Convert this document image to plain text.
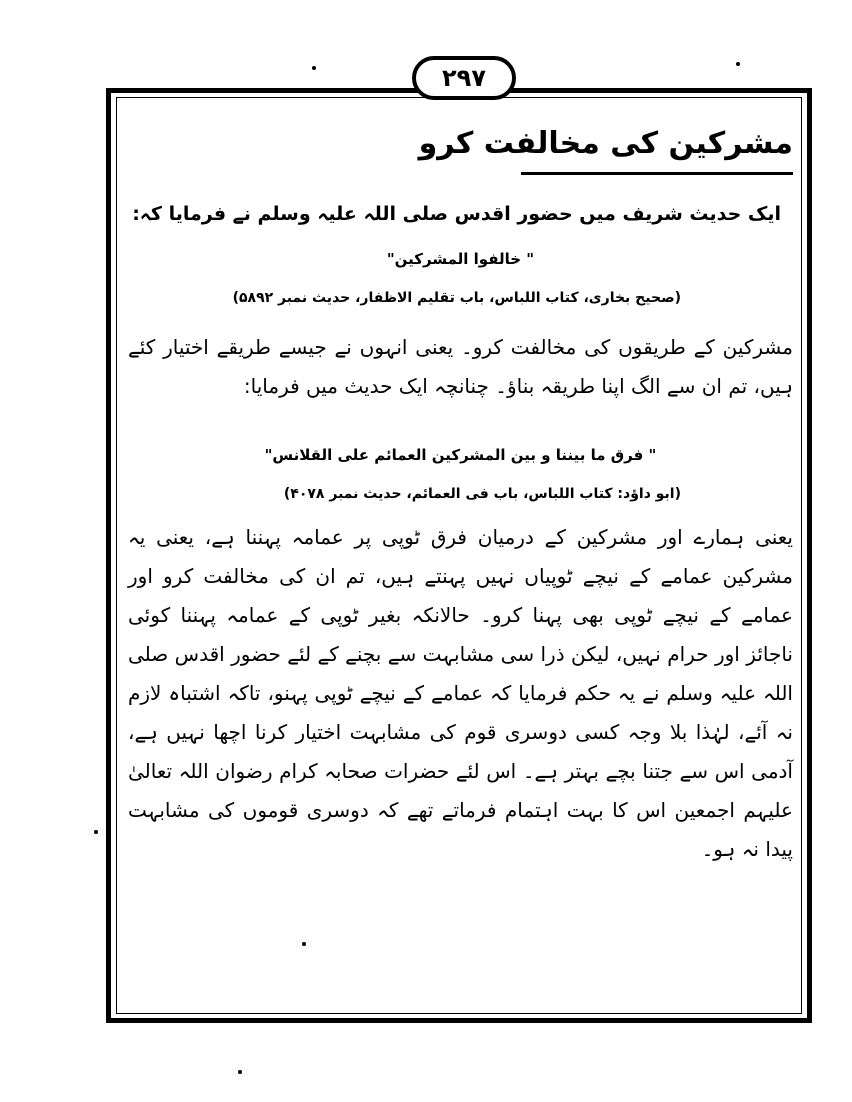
۲۹۷
مشرکین کی مخالفت کرو
ایک حدیث شریف میں حضور اقدس صلی اللہ علیہ وسلم نے فرمایا کہ:
" خالفوا المشرکین"
(صحیح بخاری، کتاب اللباس، باب تقلیم الاظفار، حدیث نمبر ۵۸۹۲)
مشرکین کے طریقوں کی مخالفت کرو۔ یعنی انہوں نے جیسے طریقے اختیار کئے ہیں، تم ان سے الگ اپنا طریقہ بناؤ۔ چنانچہ ایک حدیث میں فرمایا:
" فرق ما بیننا و بین المشرکین العمائم علی القلانس"
(ابو داؤد: کتاب اللباس، باب فی العمائم، حدیث نمبر ۴۰۷۸)
یعنی ہمارے اور مشرکین کے درمیان فرق ٹوپی پر عمامہ پہننا ہے، یعنی یہ مشرکین عمامے کے نیچے ٹوپیاں نہیں پہنتے ہیں، تم ان کی مخالفت کرو اور عمامے کے نیچے ٹوپی بھی پہنا کرو۔ حالانکہ بغیر ٹوپی کے عمامہ پہننا کوئی ناجائز اور حرام نہیں، لیکن ذرا سی مشابہت سے بچنے کے لئے حضور اقدس صلی اللہ علیہ وسلم نے یہ حکم فرمایا کہ عمامے کے نیچے ٹوپی پہنو، تاکہ اشتباہ لازم نہ آئے، لہٰذا بلا وجہ کسی دوسری قوم کی مشابہت اختیار کرنا اچھا نہیں ہے، آدمی اس سے جتنا بچے بہتر ہے۔ اس لئے حضرات صحابہ کرام رضوان اللہ تعالیٰ علیہم اجمعین اس کا بہت اہتمام فرماتے تھے کہ دوسری قوموں کی مشابہت پیدا نہ ہو۔
